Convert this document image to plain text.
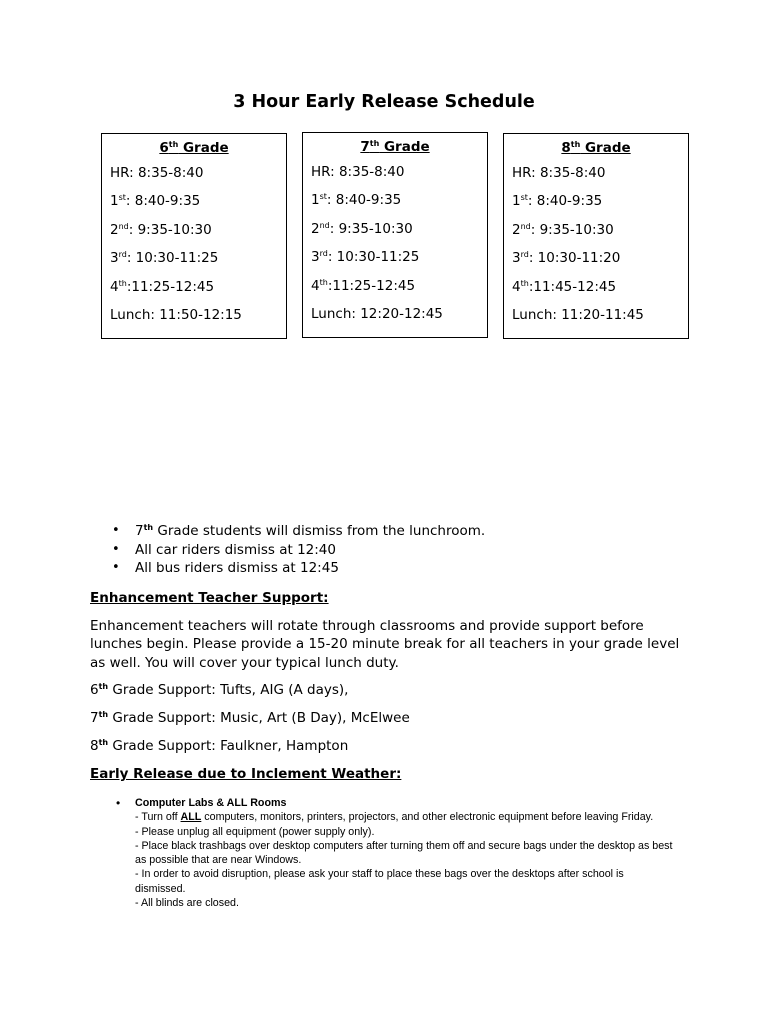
3 Hour Early Release Schedule
6th Grade
HR: 8:35-8:40
1st: 8:40-9:35
2nd: 9:35-10:30
3rd: 10:30-11:25
4th:11:25-12:45
Lunch: 11:50-12:15
7th Grade
HR: 8:35-8:40
1st: 8:40-9:35
2nd: 9:35-10:30
3rd: 10:30-11:25
4th:11:25-12:45
Lunch: 12:20-12:45
8th Grade
HR: 8:35-8:40
1st: 8:40-9:35
2nd: 9:35-10:30
3rd: 10:30-11:20
4th:11:45-12:45
Lunch: 11:20-11:45
• 7th Grade students will dismiss from the lunchroom.
• All car riders dismiss at 12:40
• All bus riders dismiss at 12:45
Enhancement Teacher Support:

Enhancement teachers will rotate through classrooms and provide support before lunches begin. Please provide a 15-20 minute break for all teachers in your grade level as well. You will cover your typical lunch duty.

6th Grade Support: Tufts, AIG (A days),
7th Grade Support: Music, Art (B Day), McElwee
8th Grade Support: Faulkner, Hampton
Early Release due to Inclement Weather:
• Computer Labs & ALL Rooms
- Turn off ALL computers, monitors, printers, projectors, and other electronic equipment before leaving Friday.
- Please unplug all equipment (power supply only).
- Place black trashbags over desktop computers after turning them off and secure bags under the desktop as best as possible that are near Windows.
- In order to avoid disruption, please ask your staff to place these bags over the desktops after school is dismissed.
- All blinds are closed.
